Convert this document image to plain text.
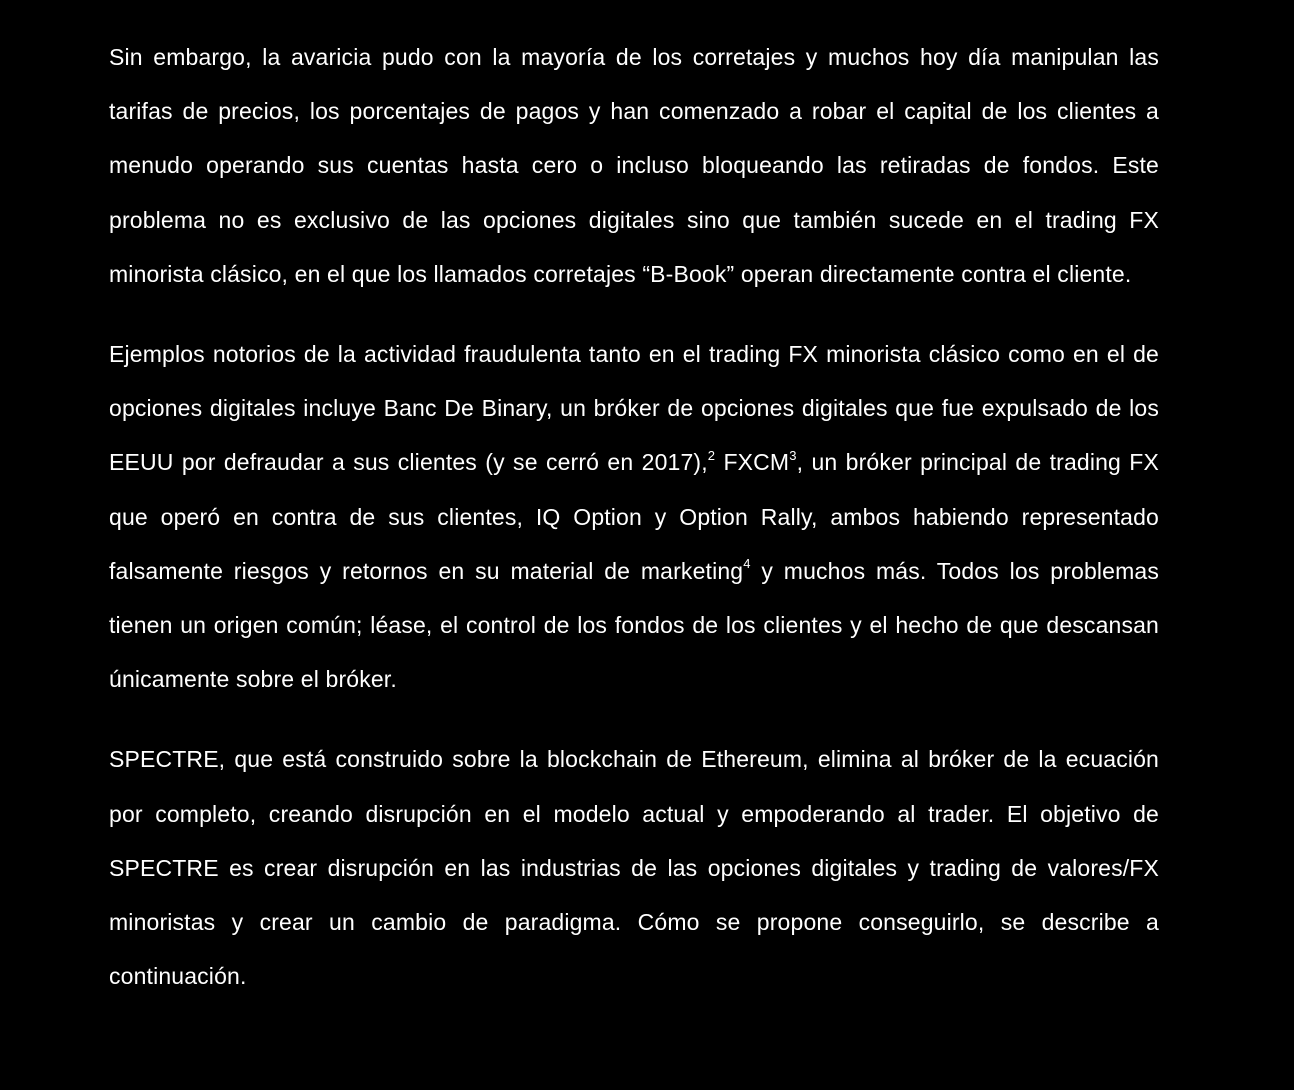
Sin embargo, la avaricia pudo con la mayoría de los corretajes y muchos hoy día manipulan las tarifas de precios, los porcentajes de pagos y han comenzado a robar el capital de los clientes a menudo operando sus cuentas hasta cero o incluso bloqueando las retiradas de fondos. Este problema no es exclusivo de las opciones digitales sino que también sucede en el trading FX minorista clásico, en el que los llamados corretajes “B-Book” operan directamente contra el cliente.

Ejemplos notorios de la actividad fraudulenta tanto en el trading FX minorista clásico como en el de opciones digitales incluye Banc De Binary, un bróker de opciones digitales que fue expulsado de los EEUU por defraudar a sus clientes (y se cerró en 2017),$^2$ FXCM$^3$, un bróker principal de trading FX que operó en contra de sus clientes, IQ Option y Option Rally, ambos habiendo representado falsamente riesgos y retornos en su material de marketing$^4$ y muchos más. Todos los problemas tienen un origen común; léase, el control de los fondos de los clientes y el hecho de que descansan únicamente sobre el bróker.

SPECTRE, que está construido sobre la blockchain de Ethereum, elimina al bróker de la ecuación por completo, creando disrupción en el modelo actual y empoderando al trader. El objetivo de SPECTRE es crear disrupción en las industrias de las opciones digitales y trading de valores/FX minoristas y crear un cambio de paradigma. Cómo se propone conseguirlo, se describe a continuación.
